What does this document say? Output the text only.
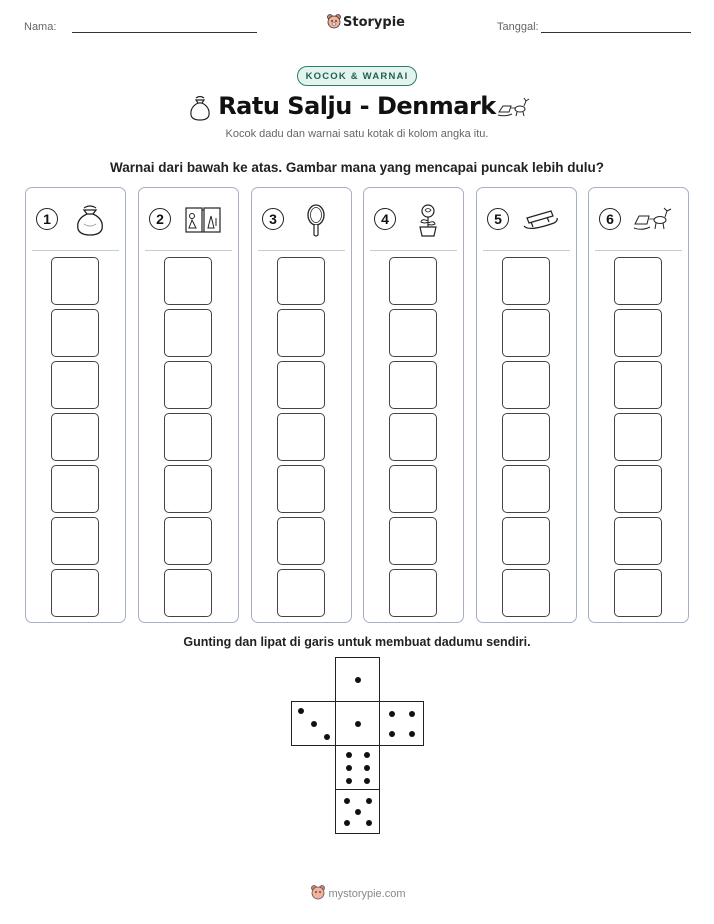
Nama:	Storypie	Tanggal:
KOCOK & WARNAI
Ratu Salju - Denmark
Kocok dadu dan warnai satu kotak di kolom angka itu.
Warnai dari bawah ke atas. Gambar mana yang mencapai puncak lebih dulu?
1	2	3	4	5	6
Gunting dan lipat di garis untuk membuat dadumu sendiri.
mystorypie.com
